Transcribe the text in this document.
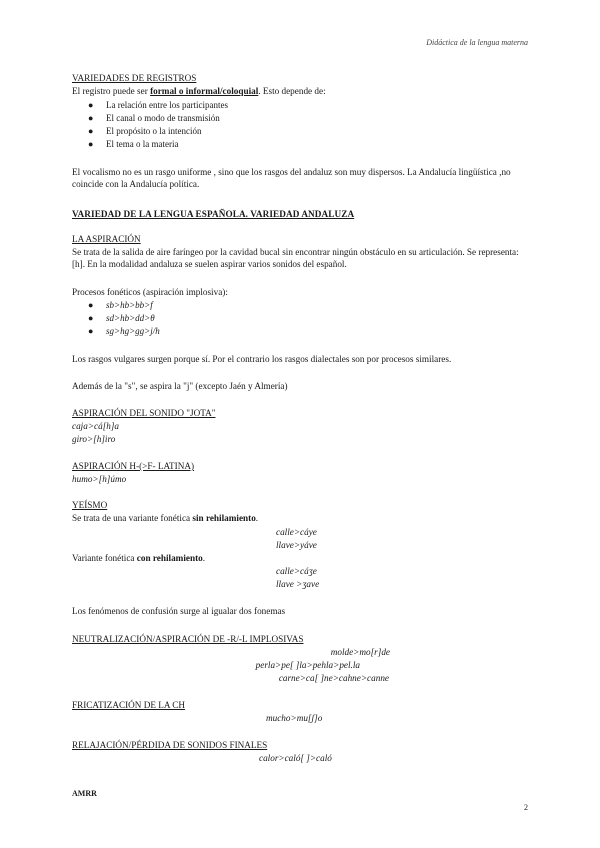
Didáctica de la lengua materna
VARIEDADES DE REGISTROS
El registro puede ser formal o informal/coloquial. Esto depende de:
● La relación entre los participantes
● El canal o modo de transmisión
● El propósito o la intención
● El tema o la materia
El vocalismo no es un rasgo uniforme , sino que los rasgos del andaluz son muy dispersos. La Andalucía lingüística ,no coincide con la Andalucía política.
VARIEDAD DE LA LENGUA ESPAÑOLA. VARIEDAD ANDALUZA
LA ASPIRACIÓN
Se trata de la salida de aire faríngeo por la cavidad bucal sin encontrar ningún obstáculo en su articulación. Se representa: [h]. En la modalidad andaluza se suelen aspirar varios sonidos del español.
Procesos fonéticos (aspiración implosiva):
● sb>hb>bb>f
● sd>hb>dd>θ
● sg>hg>gg>j/h
Los rasgos vulgares surgen porque sí. Por el contrario los rasgos dialectales son por procesos similares.
Además de la "s", se aspira la "j" (excepto Jaén y Almería)
ASPIRACIÓN DEL SONIDO "JOTA"
caja>cá[h]a
giro>[h]iro
ASPIRACIÓN H-(>F- LATINA)
humo>[h]úmo
YEÍSMO
Se trata de una variante fonética sin rehilamiento.
calle>cáye
llave>yáve
Variante fonética con rehilamiento.
calle>cáʒe
llave >ʒave
Los fenómenos de confusión surge al igualar dos fonemas
NEUTRALIZACIÓN/ASPIRACIÓN DE -R/-L IMPLOSIVAS
molde>mo[r]de
perla>pe[ ]la>pehla>pel.la
carne>ca[ ]ne>cahne>canne
FRICATIZACIÓN DE LA CH
mucho>mu[ʃ]o
RELAJACIÓN/PÉRDIDA DE SONIDOS FINALES
calor>caló[ ]>caló
AMRR
2
